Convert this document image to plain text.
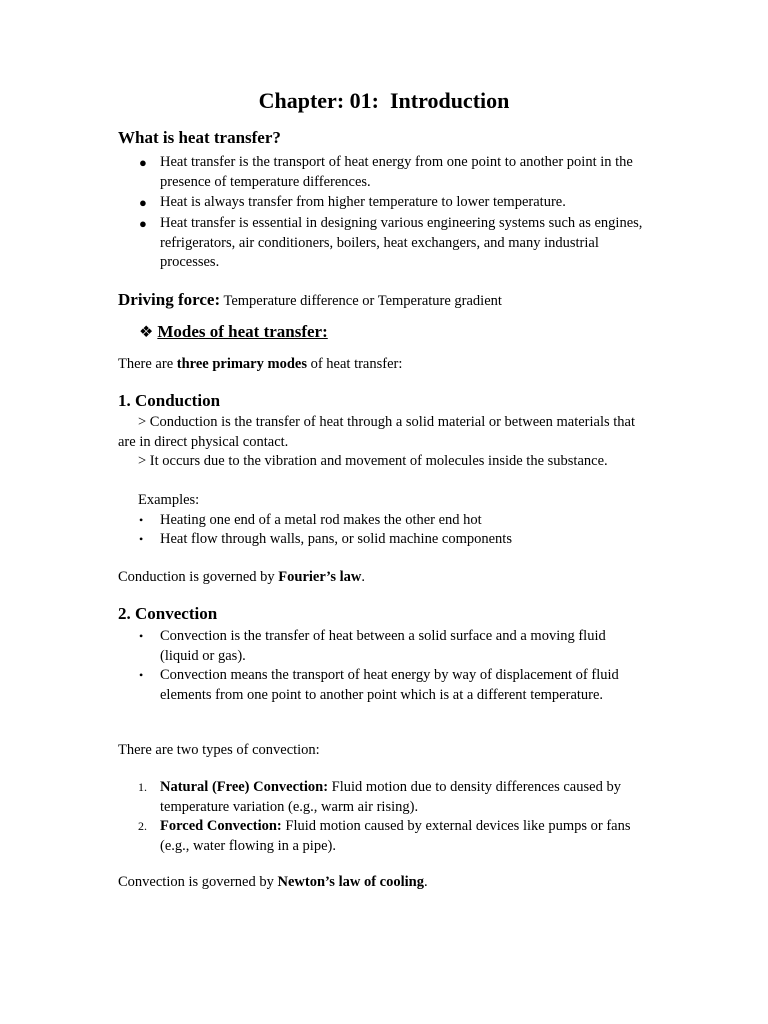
Chapter: 01:  Introduction
What is heat transfer?
● Heat transfer is the transport of heat energy from one point to another point in the presence of temperature differences.
● Heat is always transfer from higher temperature to lower temperature.
● Heat transfer is essential in designing various engineering systems such as engines, refrigerators, air conditioners, boilers, heat exchangers, and many industrial processes.
Driving force: Temperature difference or Temperature gradient
❖ Modes of heat transfer:
There are three primary modes of heat transfer:
1. Conduction
> Conduction is the transfer of heat through a solid material or between materials that are in direct physical contact.
> It occurs due to the vibration and movement of molecules inside the substance.
Examples:
• Heating one end of a metal rod makes the other end hot
• Heat flow through walls, pans, or solid machine components
Conduction is governed by Fourier’s law.
2. Convection
• Convection is the transfer of heat between a solid surface and a moving fluid (liquid or gas).
• Convection means the transport of heat energy by way of displacement of fluid elements from one point to another point which is at a different temperature.
There are two types of convection:
1. Natural (Free) Convection: Fluid motion due to density differences caused by temperature variation (e.g., warm air rising).
2. Forced Convection: Fluid motion caused by external devices like pumps or fans (e.g., water flowing in a pipe).
Convection is governed by Newton’s law of cooling.
